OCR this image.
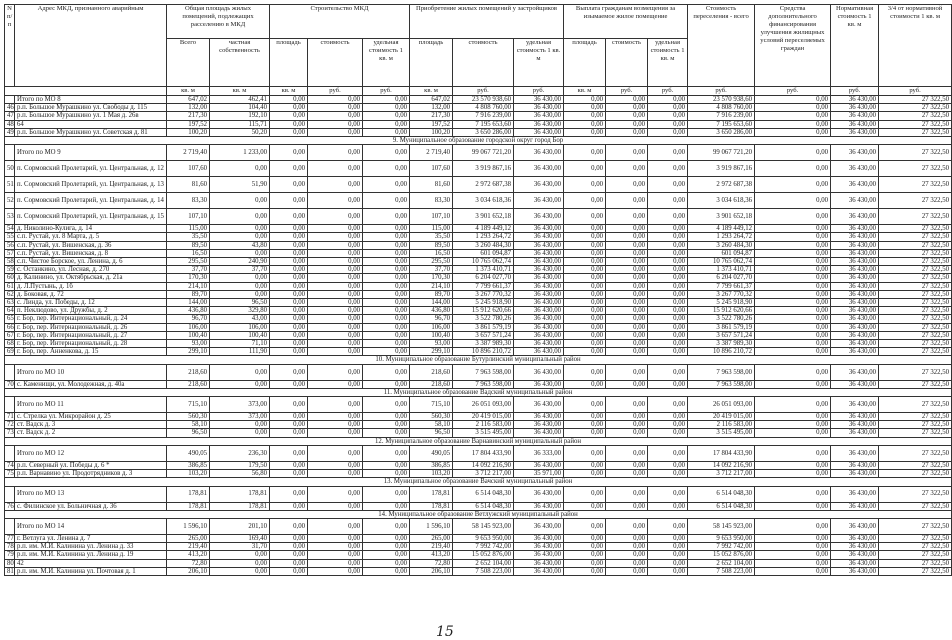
N п/п	Адрес МКД, признанного аварийным	Общая площадь жилых помещений, подлежащих расселению в МКД		Строительство МКД			Приобретение жилых помещений у застройщиков			Выплата гражданам возмещения за изымаемое жилое помещение			Стоимость переселения - всего	Средства дополнительного финансирования улучшения жилищных условий переселяемых граждан	Нормативная стоимость 1 кв. м	3/4 от нормативной стоимости 1 кв. м
		Всего	частная собственность	площадь	стоимость	удельная стоимость 1 кв. м	площадь	стоимость	удельная стоимость 1 кв. м	площадь	стоимость	удельная стоимость 1 кв. м				
		кв. м	кв. м	кв. м	руб.	руб.	кв. м	руб.	руб.	кв. м	руб.	руб.	руб.	руб.	руб.	руб.
	Итого по МО 8	647,02	462,41	0,00	0,00	0,00	647,02	23 570 938,60	36 430,00	0,00	0,00	0,00	23 570 938,60	0,00	36 430,00	27 322,50
46	р.п. Большое Мурашкино ул. Свободы д. 115	132,00	104,40	0,00	0,00	0,00	132,00	4 808 760,00	36 430,00	0,00	0,00	0,00	4 808 760,00	0,00	36 430,00	27 322,50
47	р.п. Большое Мурашкино ул. 1 Мая д. 26в	217,30	192,10	0,00	0,00	0,00	217,30	7 916 239,00	36 430,00	0,00	0,00	0,00	7 916 239,00	0,00	36 430,00	27 322,50
48	64	197,52	115,71	0,00	0,00	0,00	197,52	7 195 653,60	36 430,00	0,00	0,00	0,00	7 195 653,60	0,00	36 430,00	27 322,50
49	р.п. Большое Мурашкино ул. Советская д. 81	100,20	50,20	0,00	0,00	0,00	100,20	3 650 286,00	36 430,00	0,00	0,00	0,00	3 650 286,00	0,00	36 430,00	27 322,50
9. Муниципальное образование городской округ город Бор																
	Итого по МО 9	2 719,40	1 233,00	0,00	0,00	0,00	2 719,40	99 067 721,20	36 430,00	0,00	0,00	0,00	99 067 721,20	0,00	36 430,00	27 322,50
50	п. Сормовский Пролетарий, ул. Центральная, д. 12	107,60	0,00	0,00	0,00	0,00	107,60	3 919 867,16	36 430,00	0,00	0,00	0,00	3 919 867,16	0,00	36 430,00	27 322,50
51	п. Сормовский Пролетарий, ул. Центральная, д. 13	81,60	51,90	0,00	0,00	0,00	81,60	2 972 687,38	36 430,00	0,00	0,00	0,00	2 972 687,38	0,00	36 430,00	27 322,50
52	п. Сормовский Пролетарий, ул. Центральная, д. 14	83,30	0,00	0,00	0,00	0,00	83,30	3 034 618,36	36 430,00	0,00	0,00	0,00	3 034 618,36	0,00	36 430,00	27 322,50
53	п. Сормовский Пролетарий, ул. Центральная, д. 15	107,10	0,00	0,00	0,00	0,00	107,10	3 901 652,18	36 430,00	0,00	0,00	0,00	3 901 652,18	0,00	36 430,00	27 322,50
54	д. Николино-Кулига, д. 14	115,00	0,00	0,00	0,00	0,00	115,00	4 189 449,12	36 430,00	0,00	0,00	0,00	4 189 449,12	0,00	36 430,00	27 322,50
55	с.п. Рустай, ул. 8 Марта, д. 5	35,50	0,00	0,00	0,00	0,00	35,50	1 293 264,72	36 430,00	0,00	0,00	0,00	1 293 264,72	0,00	36 430,00	27 322,50
56	с.п. Рустай, ул. Вишенская, д. 36	89,50	43,80	0,00	0,00	0,00	89,50	3 260 484,30	36 430,00	0,00	0,00	0,00	3 260 484,30	0,00	36 430,00	27 322,50
57	с.п. Рустай, ул. Вишенская, д. 8	16,50	0,00	0,00	0,00	0,00	16,50	601 094,87	36 430,00	0,00	0,00	0,00	601 094,87	0,00	36 430,00	27 322,50
58	с.п. Чистое Борское, ул. Ленина, д. 6	295,50	240,90	0,00	0,00	0,00	295,50	10 765 062,74	36 430,00	0,00	0,00	0,00	10 765 062,74	0,00	36 430,00	27 322,50
59	с. Останкино, ул. Лесная, д. 270	37,70	37,70	0,00	0,00	0,00	37,70	1 373 410,71	36 430,00	0,00	0,00	0,00	1 373 410,71	0,00	36 430,00	27 322,50
60	д. Калинино, ул. Октябрьская, д. 21а	170,30	0,00	0,00	0,00	0,00	170,30	6 204 027,70	36 430,00	0,00	0,00	0,00	6 204 027,70	0,00	36 430,00	27 322,50
61	д. Л.Пустынь, д. 1б	214,10	0,00	0,00	0,00	0,00	214,10	7 799 661,37	36 430,00	0,00	0,00	0,00	7 799 661,37	0,00	36 430,00	27 322,50
62	д. Боковая, д. 72	89,70	0,00	0,00	0,00	0,00	89,70	3 267 770,32	36 430,00	0,00	0,00	0,00	3 267 770,32	0,00	36 430,00	27 322,50
63	с. Линда, ул. Победы, д. 12	144,00	96,50	0,00	0,00	0,00	144,00	5 245 918,90	36 430,00	0,00	0,00	0,00	5 245 918,90	0,00	36 430,00	27 322,50
64	п. Неклюдово, ул. Дружбы, д. 2	436,80	329,80	0,00	0,00	0,00	436,80	15 912 620,66	36 430,00	0,00	0,00	0,00	15 912 620,66	0,00	36 430,00	27 322,50
65	г. Бор, пер. Интернациональный, д. 24	96,70	43,00	0,00	0,00	0,00	96,70	3 522 780,26	36 430,00	0,00	0,00	0,00	3 522 780,26	0,00	36 430,00	27 322,50
66	г. Бор, пер. Интернациональный, д. 26	106,00	106,00	0,00	0,00	0,00	106,00	3 861 579,19	36 430,00	0,00	0,00	0,00	3 861 579,19	0,00	36 430,00	27 322,50
67	г. Бор, пер. Интернациональный, д. 27	100,40	100,40	0,00	0,00	0,00	100,40	3 657 571,24	36 430,00	0,00	0,00	0,00	3 657 571,24	0,00	36 430,00	27 322,50
68	г. Бор, пер. Интернациональный, д. 28	93,00	71,10	0,00	0,00	0,00	93,00	3 387 989,30	36 430,00	0,00	0,00	0,00	3 387 989,30	0,00	36 430,00	27 322,50
69	г. Бор, пер. Анненкова, д. 15	299,10	111,90	0,00	0,00	0,00	299,10	10 896 210,72	36 430,00	0,00	0,00	0,00	10 896 210,72	0,00	36 430,00	27 322,50
10. Муниципальное образование Бутурлинский муниципальный район																
	Итого по МО 10	218,60	0,00	0,00	0,00	0,00	218,60	7 963 598,00	36 430,00	0,00	0,00	0,00	7 963 598,00	0,00	36 430,00	27 322,50
70	с. Каменищи, ул. Молодежная, д. 40а	218,60	0,00	0,00	0,00	0,00	218,60	7 963 598,00	36 430,00	0,00	0,00	0,00	7 963 598,00	0,00	36 430,00	27 322,50
11. Муниципальное образование Вадский муниципальный район																
	Итого по МО 11	715,10	373,00	0,00	0,00	0,00	715,10	26 051 093,00	36 430,00	0,00	0,00	0,00	26 051 093,00	0,00	36 430,00	27 322,50
71	с. Стрелка ул. Микрорайон д. 25	560,30	373,00	0,00	0,00	0,00	560,30	20 419 015,00	36 430,00	0,00	0,00	0,00	20 419 015,00	0,00	36 430,00	27 322,50
72	ст. Вадск д. 3	58,10	0,00	0,00	0,00	0,00	58,10	2 116 583,00	36 430,00	0,00	0,00	0,00	2 116 583,00	0,00	36 430,00	27 322,50
73	ст. Вадск д. 2	96,50	0,00	0,00	0,00	0,00	96,50	3 515 495,00	36 430,00	0,00	0,00	0,00	3 515 495,00	0,00	36 430,00	27 322,50
12. Муниципальное образование Варнавинский муниципальный район																
	Итого по МО 12	490,05	236,30	0,00	0,00	0,00	490,05	17 804 433,90	36 333,00	0,00	0,00	0,00	17 804 433,90	0,00	36 430,00	27 322,50
74	р.п. Северный ул. Победы д. 6 *	386,85	179,50	0,00	0,00	0,00	386,85	14 092 216,90	36 430,00	0,00	0,00	0,00	14 092 216,90	0,00	36 430,00	27 322,50
75	р.п. Варнавино ул. Продотрядников д. 3	103,20	56,80	0,00	0,00	0,00	103,20	3 712 217,00	35 971,00	0,00	0,00	0,00	3 712 217,00	0,00	36 430,00	27 322,50
13. Муниципальное образование Вачский муниципальный район																
	Итого по МО 13	178,81	178,81	0,00	0,00	0,00	178,81	6 514 048,30	36 430,00	0,00	0,00	0,00	6 514 048,30	0,00	36 430,00	27 322,50
76	с. Филинское ул. Больничная д. 36	178,81	178,81	0,00	0,00	0,00	178,81	6 514 048,30	36 430,00	0,00	0,00	0,00	6 514 048,30	0,00	36 430,00	27 322,50
14. Муниципальное образование Ветлужский муниципальный район																
	Итого по МО 14	1 596,10	201,10	0,00	0,00	0,00	1 596,10	58 145 923,00	36 430,00	0,00	0,00	0,00	58 145 923,00	0,00	36 430,00	27 322,50
77	г. Ветлуга ул. Ленина д. 7	265,00	169,40	0,00	0,00	0,00	265,00	9 653 950,00	36 430,00	0,00	0,00	0,00	9 653 950,00	0,00	36 430,00	27 322,50
78	р.п. им. М.И. Калинина ул. Ленина д. 33	219,40	31,70	0,00	0,00	0,00	219,40	7 992 742,00	36 430,00	0,00	0,00	0,00	7 992 742,00	0,00	36 430,00	27 322,50
79	р.п. им. М.И. Калинина ул. Ленина д. 19	413,20	0,00	0,00	0,00	0,00	413,20	15 052 876,00	36 430,00	0,00	0,00	0,00	15 052 876,00	0,00	36 430,00	27 322,50
80	42	72,80	0,00	0,00	0,00	0,00	72,80	2 652 104,00	36 430,00	0,00	0,00	0,00	2 652 104,00	0,00	36 430,00	27 322,50
81	р.п. им. М.И. Калинина ул. Почтовая д. 1	206,10	0,00	0,00	0,00	0,00	206,10	7 508 223,00	36 430,00	0,00	0,00	0,00	7 508 223,00	0,00	36 430,00	27 322,50
15
